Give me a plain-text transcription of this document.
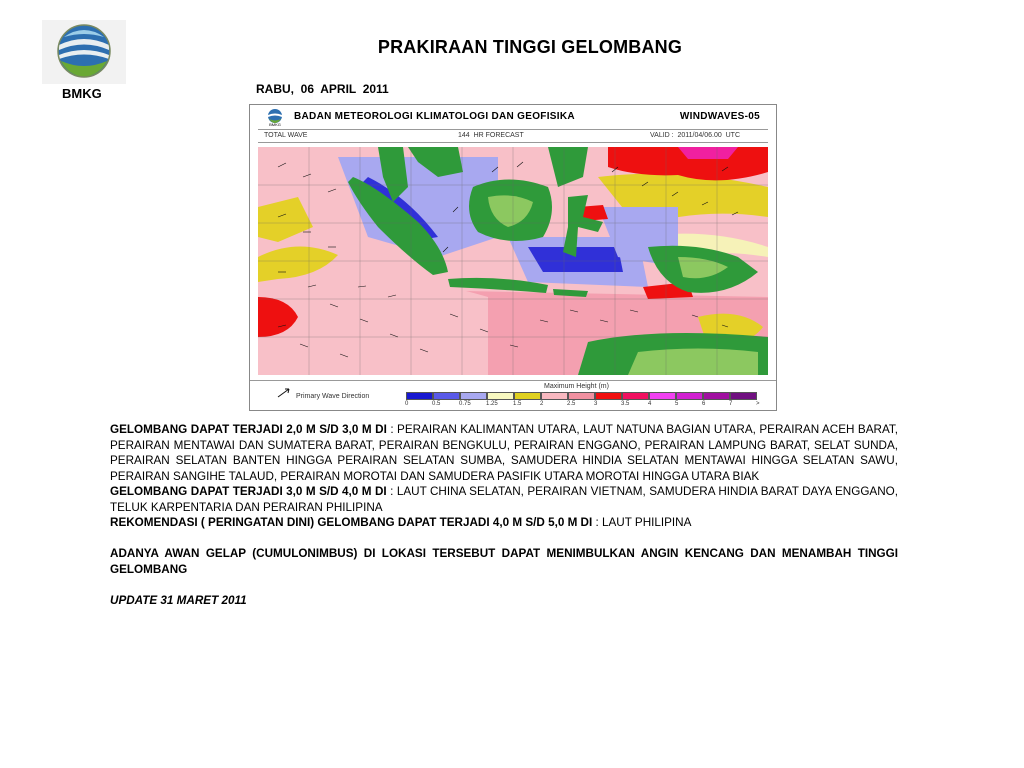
BMKG
PRAKIRAAN TINGGI GELOMBANG
RABU,  06  APRIL  2011
BMKG
BADAN METEOROLOGI KLIMATOLOGI DAN GEOFISIKA	WINDWAVES-05
TOTAL WAVE	144  HR FORECAST	VALID :  2011/04/06.00  UTC
Primary Wave Direction
Maximum Height (m)
0	0.5	0.75	1.25	1.5	2	2.5	3	3.5	4	5	6	7	>

GELOMBANG DAPAT TERJADI 2,0 M S/D 3,0 M DI : PERAIRAN KALIMANTAN UTARA, LAUT NATUNA BAGIAN UTARA, PERAIRAN ACEH BARAT, PERAIRAN MENTAWAI DAN SUMATERA BARAT, PERAIRAN BENGKULU, PERAIRAN ENGGANO, PERAIRAN LAMPUNG BARAT, SELAT SUNDA, PERAIRAN SELATAN BANTEN HINGGA PERAIRAN SELATAN SUMBA, SAMUDERA HINDIA SELATAN MENTAWAI HINGGA SELATAN SAWU, PERAIRAN SANGIHE TALAUD, PERAIRAN MOROTAI DAN SAMUDERA PASIFIK UTARA MOROTAI HINGGA UTARA BIAK

GELOMBANG DAPAT TERJADI 3,0 M S/D 4,0 M DI : LAUT CHINA SELATAN, PERAIRAN VIETNAM, SAMUDERA HINDIA BARAT DAYA ENGGANO, TELUK KARPENTARIA DAN PERAIRAN PHILIPINA

REKOMENDASI ( PERINGATAN DINI) GELOMBANG DAPAT TERJADI 4,0 M S/D 5,0 M DI : LAUT PHILIPINA

ADANYA AWAN GELAP (CUMULONIMBUS) DI LOKASI TERSEBUT DAPAT MENIMBULKAN ANGIN KENCANG DAN MENAMBAH TINGGI GELOMBANG

UPDATE 31 MARET 2011
